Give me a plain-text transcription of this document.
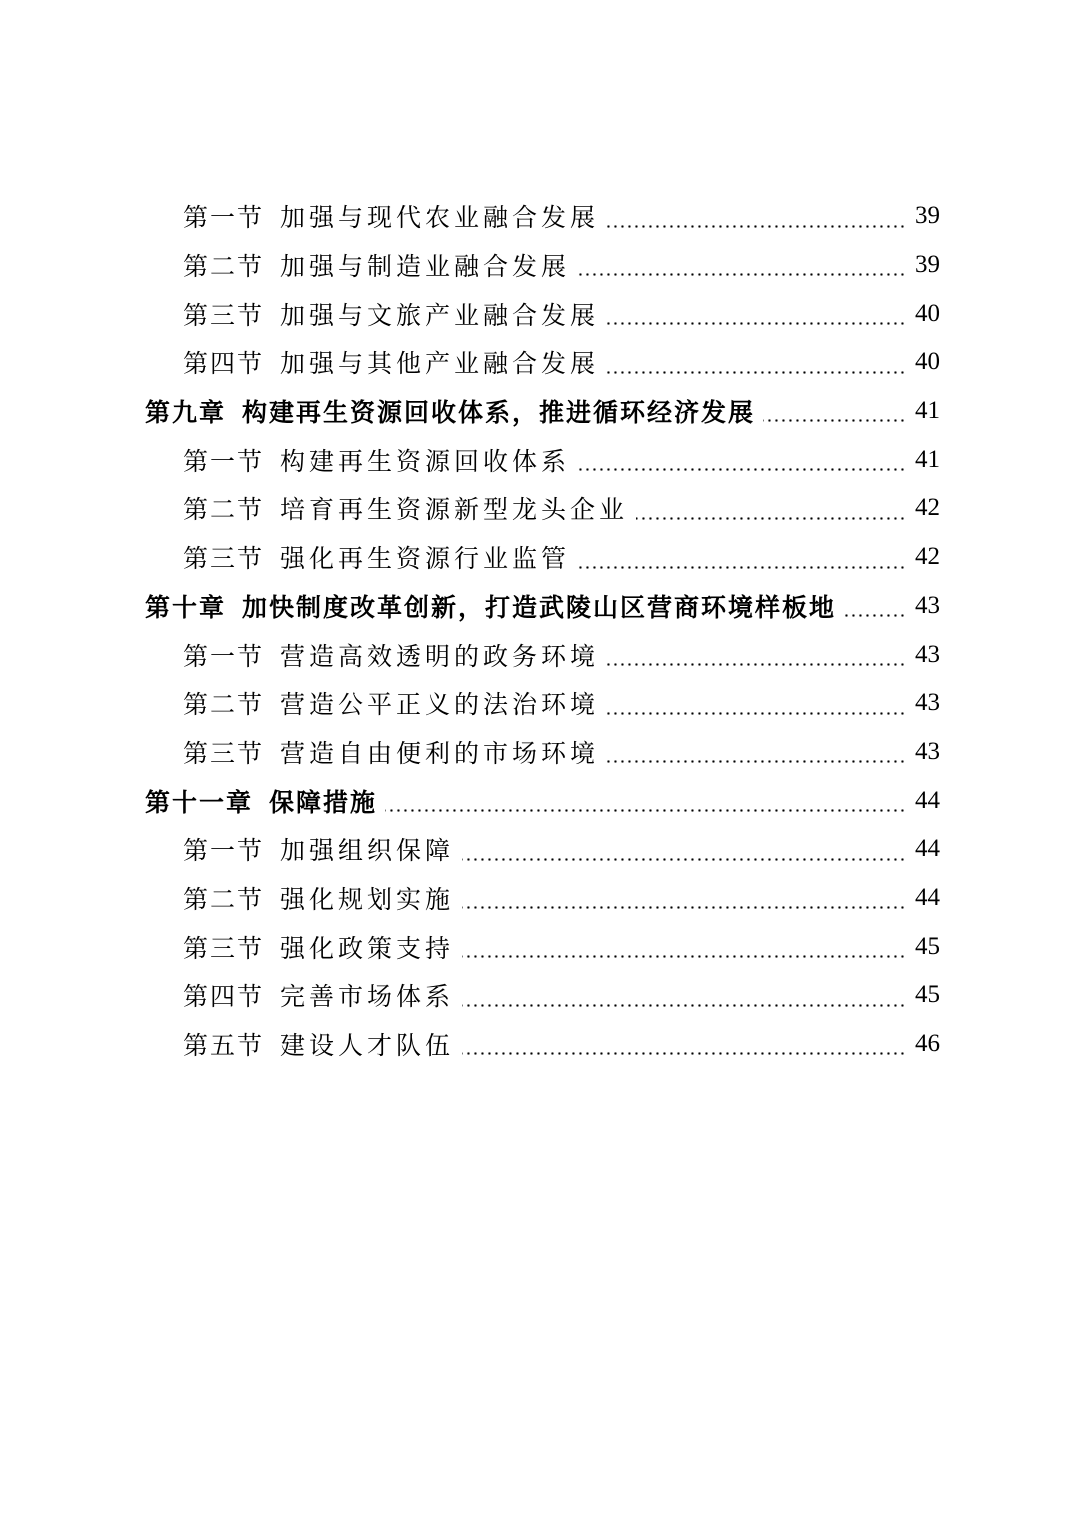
第一节 加强与现代农业融合发展	39
第二节 加强与制造业融合发展	39
第三节 加强与文旅产业融合发展	40
第四节 加强与其他产业融合发展	40
第九章 构建再生资源回收体系，推进循环经济发展	41
第一节 构建再生资源回收体系	41
第二节 培育再生资源新型龙头企业	42
第三节 强化再生资源行业监管	42
第十章 加快制度改革创新，打造武陵山区营商环境样板地	43
第一节 营造高效透明的政务环境	43
第二节 营造公平正义的法治环境	43
第三节 营造自由便利的市场环境	43
第十一章 保障措施	44
第一节 加强组织保障	44
第二节 强化规划实施	44
第三节 强化政策支持	45
第四节 完善市场体系	45
第五节 建设人才队伍	46
